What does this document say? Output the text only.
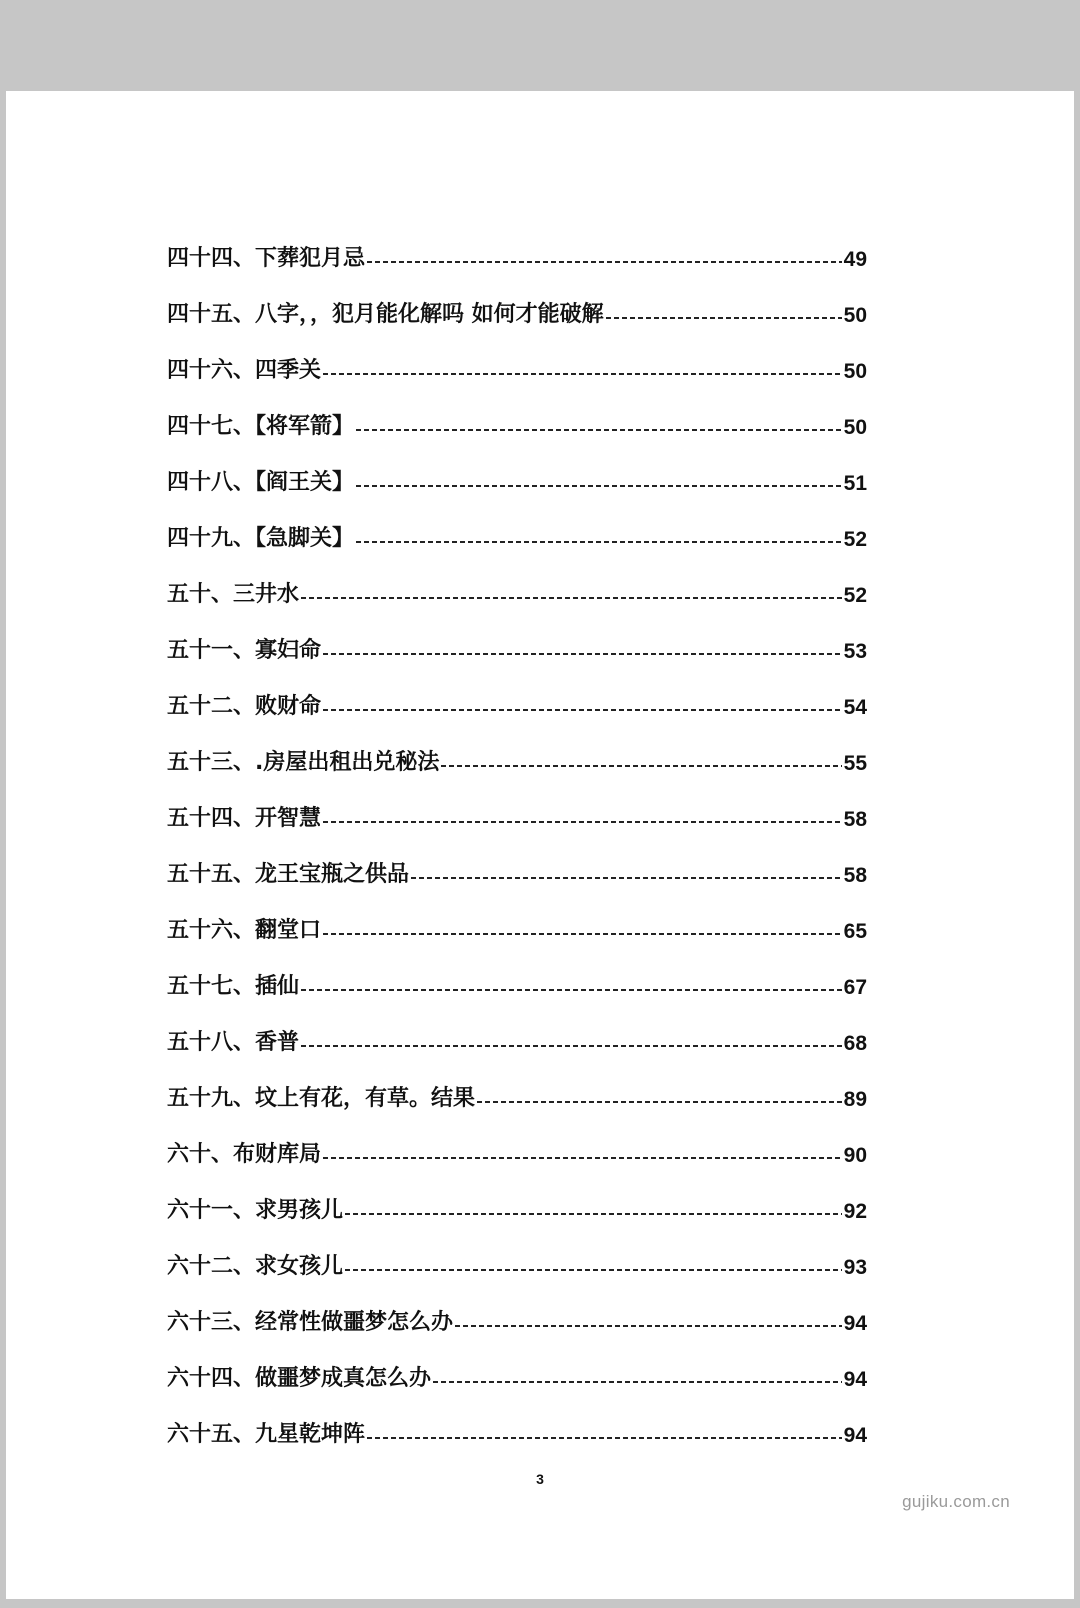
四十四、下葬犯月忌	49
四十五、八字，，犯月能化解吗 如何才能破解	50
四十六、四季关	50
四十七、【将军箭】	50
四十八、【阎王关】	51
四十九、【急脚关】	52
五十、三井水	52
五十一、寡妇命	53
五十二、败财命	54
五十三、.房屋出租出兑秘法	55
五十四、开智慧	58
五十五、龙王宝瓶之供品	58
五十六、翻堂口	65
五十七、插仙	67
五十八、香普	68
五十九、坟上有花，有草。结果	89
六十、布财库局	90
六十一、求男孩儿	92
六十二、求女孩儿	93
六十三、经常性做噩梦怎么办	94
六十四、做噩梦成真怎么办	94
六十五、九星乾坤阵	94
3
gujiku.com.cn
